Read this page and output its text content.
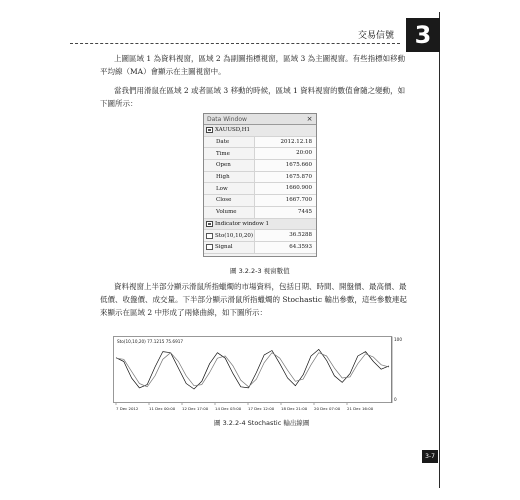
交易信號 3

上圖區域 1 為資料視窗，區域 2 為副圖指標視窗，區域 3 為主圖視窗。有些指標如移動平均線（MA）會顯示在主圖視窗中。

當我們用滑鼠在區域 2 或者區域 3 移動的時候，區域 1 資料視窗的數值會隨之變動，如下圖所示：

Data Window	×
XAUUSD,H1
Date	2012.12.18
Time	20:00
Open	1675.660
High	1675.870
Low	1660.900
Close	1667.700
Volume	7445
Indicator window 1
Sto(10,10,20)	36.5288
Signal	64.3593
圖 3.2.2-3 視窗數值

資料視窗上半部分顯示滑鼠所指蠟燭的市場資料，包括日期、時間、開盤價、最高價、最低價、收盤價、成交量。下半部分顯示滑鼠所指蠟燭的 Stochastic 輸出參數，這些參數連起來顯示在區域 2 中形成了兩條曲線，如下圖所示：

Sto(10,10,20) 77.1215 75.6917	100
0
7 Dec 2012	11 Dec 00:00 12 Dec 17:00 14 Dec 03:00 17 Dec 12:00 18 Dec 21:00 20 Dec 07:00 21 Dec 16:00
圖 3.2.2-4 Stochastic 輸出線圖
3-7
